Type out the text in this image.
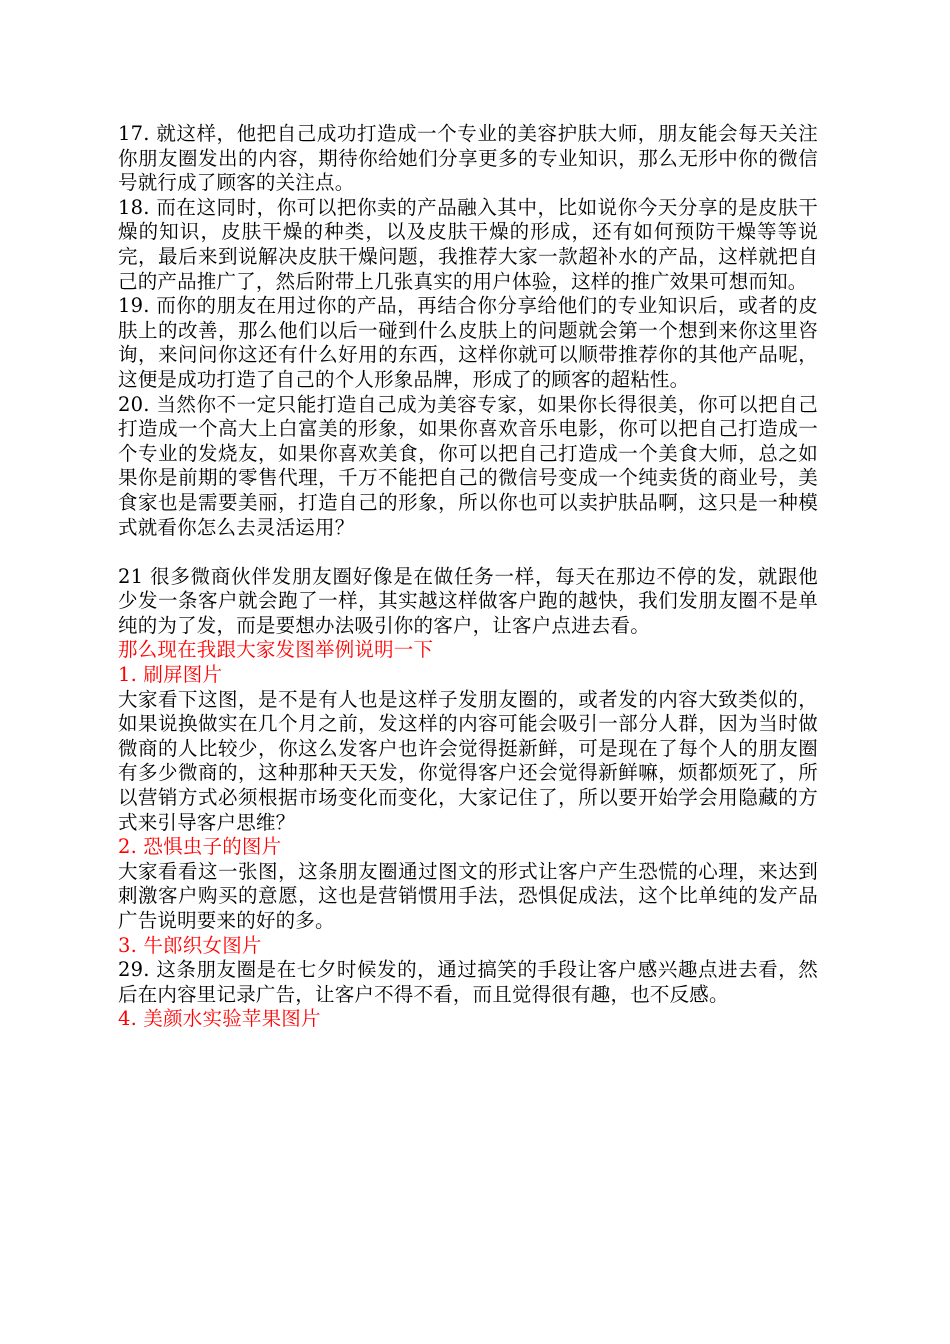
17. 就这样，他把自己成功打造成一个专业的美容护肤大师，朋友能会每天关注你朋友圈发出的内容，期待你给她们分享更多的专业知识，那么无形中你的微信号就行成了顾客的关注点。

18. 而在这同时，你可以把你卖的产品融入其中，比如说你今天分享的是皮肤干燥的知识，皮肤干燥的种类，以及皮肤干燥的形成，还有如何预防干燥等等说完，最后来到说解决皮肤干燥问题，我推荐大家一款超补水的产品，这样就把自己的产品推广了，然后附带上几张真实的用户体验，这样的推广效果可想而知。

19. 而你的朋友在用过你的产品，再结合你分享给他们的专业知识后，或者的皮肤上的改善，那么他们以后一碰到什么皮肤上的问题就会第一个想到来你这里咨询，来问问你这还有什么好用的东西，这样你就可以顺带推荐你的其他产品呢，这便是成功打造了自己的个人形象品牌，形成了的顾客的超粘性。

20. 当然你不一定只能打造自己成为美容专家，如果你长得很美，你可以把自己打造成一个高大上白富美的形象，如果你喜欢音乐电影，你可以把自己打造成一个专业的发烧友，如果你喜欢美食，你可以把自己打造成一个美食大师，总之如果你是前期的零售代理，千万不能把自己的微信号变成一个纯卖货的商业号，美食家也是需要美丽，打造自己的形象，所以你也可以卖护肤品啊，这只是一种模式就看你怎么去灵活运用？

21 很多微商伙伴发朋友圈好像是在做任务一样，每天在那边不停的发，就跟他少发一条客户就会跑了一样，其实越这样做客户跑的越快，我们发朋友圈不是单纯的为了发，而是要想办法吸引你的客户，让客户点进去看。

那么现在我跟大家发图举例说明一下

1. 刷屏图片

大家看下这图，是不是有人也是这样子发朋友圈的，或者发的内容大致类似的，如果说换做实在几个月之前，发这样的内容可能会吸引一部分人群，因为当时做微商的人比较少，你这么发客户也许会觉得挺新鲜，可是现在了每个人的朋友圈有多少微商的，这种那种天天发，你觉得客户还会觉得新鲜嘛，烦都烦死了，所以营销方式必须根据市场变化而变化，大家记住了，所以要开始学会用隐藏的方式来引导客户思维？

2. 恐惧虫子的图片

大家看看这一张图，这条朋友圈通过图文的形式让客户产生恐慌的心理，来达到刺激客户购买的意愿，这也是营销惯用手法，恐惧促成法，这个比单纯的发产品广告说明要来的好的多。

3. 牛郎织女图片

29. 这条朋友圈是在七夕时候发的，通过搞笑的手段让客户感兴趣点进去看，然后在内容里记录广告，让客户不得不看，而且觉得很有趣，也不反感。

4. 美颜水实验苹果图片
